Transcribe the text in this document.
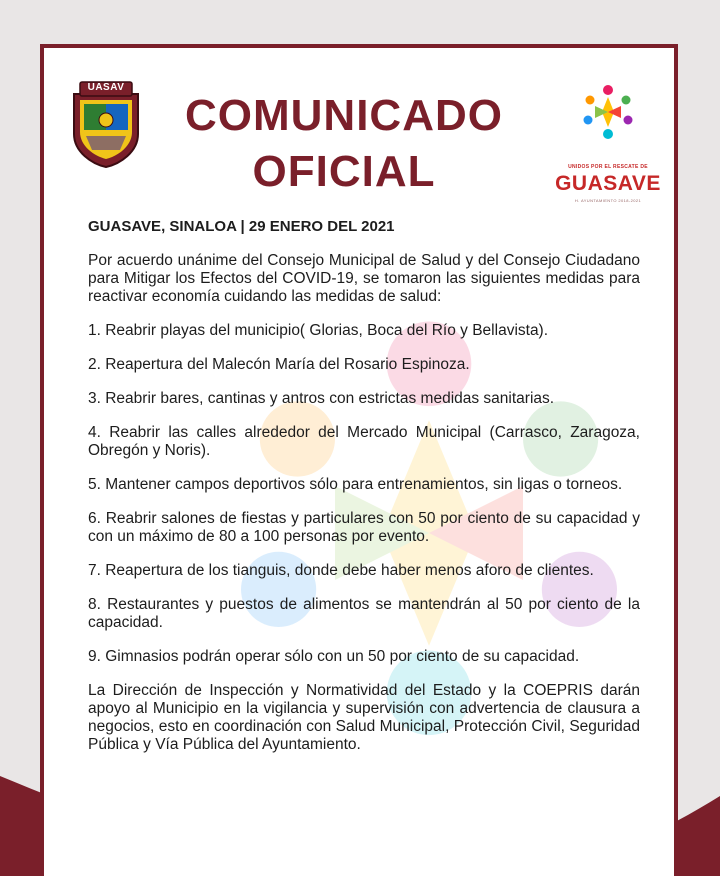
UASAV
COMUNICADO
OFICIAL	UNIDOS POR EL RESCATE DE
GUASAVE
H. AYUNTAMIENTO 2018-2021
GUASAVE, SINALOA | 29 ENERO DEL 2021
Por acuerdo unánime del Consejo Municipal de Salud y del Consejo Ciudadano para Mitigar los Efectos del COVID-19, se tomaron las siguientes medidas para reactivar economía cuidando las medidas de salud:
1. Reabrir playas del municipio( Glorias, Boca del Río y Bellavista).
2. Reapertura del Malecón María del Rosario Espinoza.
3. Reabrir bares, cantinas y antros con estrictas medidas sanitarias.
4. Reabrir las calles alrededor del Mercado Municipal (Carrasco, Zaragoza, Obregón y Noris).
5. Mantener campos deportivos sólo para entrenamientos, sin ligas o torneos.
6. Reabrir salones de fiestas y particulares con 50 por ciento de su capacidad y con un máximo de 80 a 100 personas por evento.
7. Reapertura de los tianguis, donde debe haber menos aforo de clientes.
8. Restaurantes y puestos de alimentos se mantendrán al 50 por ciento de la capacidad.
9. Gimnasios podrán operar sólo con un 50 por ciento de su capacidad.
La Dirección de Inspección y Normatividad del Estado y la COEPRIS darán apoyo al Municipio en la vigilancia y supervisión con advertencia de clausura a negocios, esto en coordinación con Salud Municipal, Protección Civil, Seguridad Pública y Vía Pública del Ayuntamiento.
